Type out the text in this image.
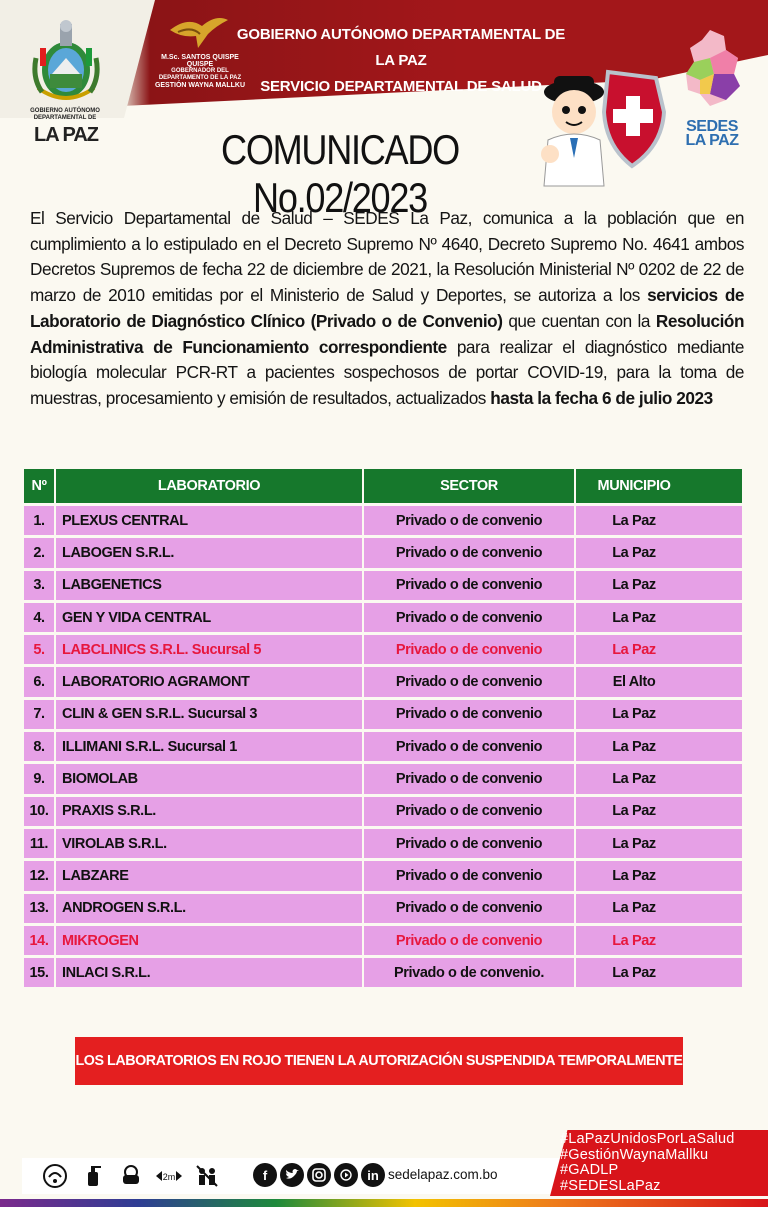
GOBIERNO AUTÓNOMO DEPARTAMENTAL DE
LA PAZ
M.Sc. SANTOS QUISPE QUISPE
GOBERNADOR DEL DEPARTAMENTO DE LA PAZ
GESTIÓN WAYNA MALLKU
GOBIERNO AUTÓNOMO DEPARTAMENTAL DE LA PAZ
SERVICIO DEPARTAMENTAL DE SALUD
SEDES
LA PAZ
COMUNICADO No.02/2023
El Servicio Departamental de Salud – SEDES La Paz, comunica a la población que en cumplimiento a lo estipulado en el Decreto Supremo Nº 4640, Decreto Supremo No. 4641 ambos Decretos Supremos de fecha 22 de diciembre de 2021, la Resolución Ministerial Nº 0202 de 22 de marzo de 2010 emitidas por el Ministerio de Salud y Deportes, se autoriza a los servicios de Laboratorio de Diagnóstico Clínico (Privado o de Convenio) que cuentan con la Resolución Administrativa de Funcionamiento correspondiente para realizar el diagnóstico mediante biología molecular PCR-RT a pacientes sospechosos de portar COVID-19, para la toma de muestras, procesamiento y emisión de resultados, actualizados hasta la fecha 6 de julio 2023
Nº	LABORATORIO	SECTOR	MUNICIPIO
1.	PLEXUS CENTRAL	Privado o de convenio	La Paz
2.	LABOGEN S.R.L.	Privado o de convenio	La Paz
3.	LABGENETICS	Privado o de convenio	La Paz
4.	GEN Y VIDA CENTRAL	Privado o de convenio	La Paz
5.	LABCLINICS S.R.L. Sucursal 5	Privado o de convenio	La Paz
6.	LABORATORIO AGRAMONT	Privado o de convenio	El Alto
7.	CLIN & GEN S.R.L. Sucursal 3	Privado o de convenio	La Paz
8.	ILLIMANI S.R.L. Sucursal 1	Privado o de convenio	La Paz
9.	BIOMOLAB	Privado o de convenio	La Paz
10.	PRAXIS S.R.L.	Privado o de convenio	La Paz
11.	VIROLAB S.R.L.	Privado o de convenio	La Paz
12.	LABZARE	Privado o de convenio	La Paz
13.	ANDROGEN S.R.L.	Privado o de convenio	La Paz
14.	MIKROGEN	Privado o de convenio	La Paz
15.	INLACI S.R.L.	Privado o de convenio.	La Paz
LOS LABORATORIOS EN ROJO TIENEN LA AUTORIZACIÓN SUSPENDIDA TEMPORALMENTE
2m	f	in sedelapaz.com.bo
#LaPazUnidosPorLaSalud
#GestiónWaynaMallku
#GADLP
#SEDESLaPaz
